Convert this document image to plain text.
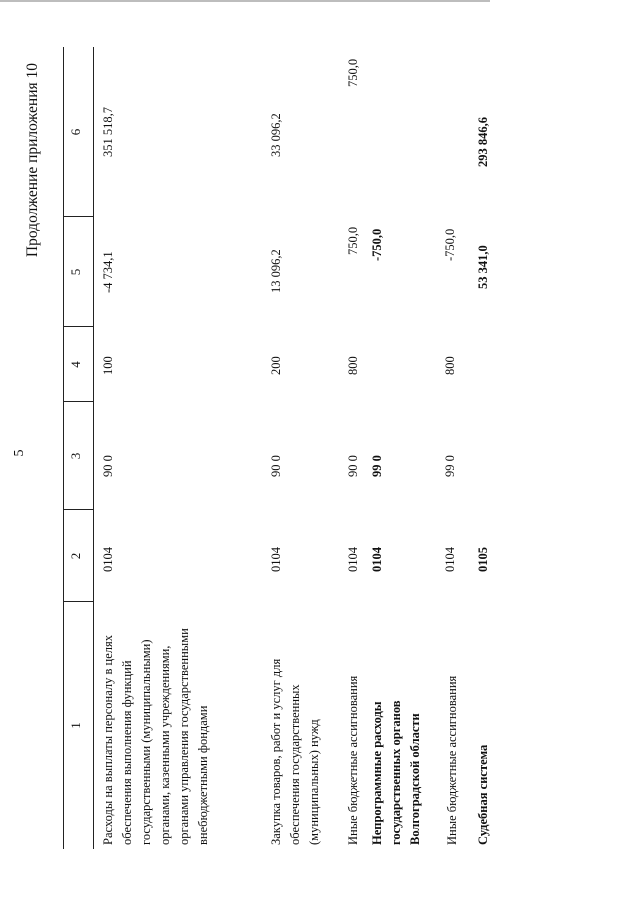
5
Продолжение приложения 10
1
2
3
4
5
6
Расходы на выплаты персоналу в целях обеспечения выполнения функций государственными (муниципальными) органами, казенными учреждениями, органами управления государственными внебюджетными фондами
0104
90 0
100
-4 734,1
351 518,7
Закупка товаров, работ и услуг для обеспечения государственных (муниципальных) нужд
0104
90 0
200
13 096,2
33 096,2
Иные бюджетные ассигнования
0104
90 0
800
750,0
750,0
Непрограммные расходы государственных органов Волгоградской области
0104
99 0
-750,0
Иные бюджетные ассигнования
0104
99 0
800
-750,0
Судебная система
0105
53 341,0
293 846,6
